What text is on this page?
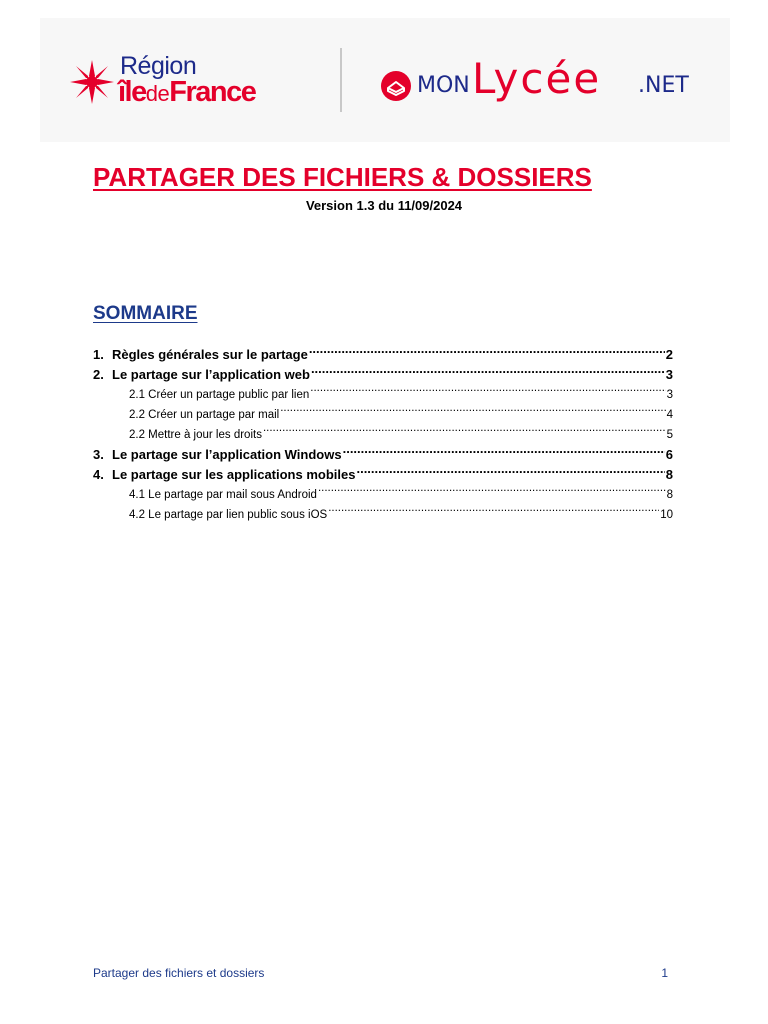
Région
îledeFrance	MON Lycée .NET
PARTAGER DES FICHIERS & DOSSIERS
Version 1.3 du 11/09/2024
SOMMAIRE
1. Règles générales sur le partage .....	2
2. Le partage sur l’application web .....	3
2.1 Créer un partage public par lien .....	3
2.2 Créer un partage par mail .....	4
2.2 Mettre à jour les droits .....	5
3. Le partage sur l’application Windows .....	6
4. Le partage sur les applications mobiles .....	8
4.1 Le partage par mail sous Android .....	8
4.2 Le partage par lien public sous iOS .....	10
Partager des fichiers et dossiers	1
